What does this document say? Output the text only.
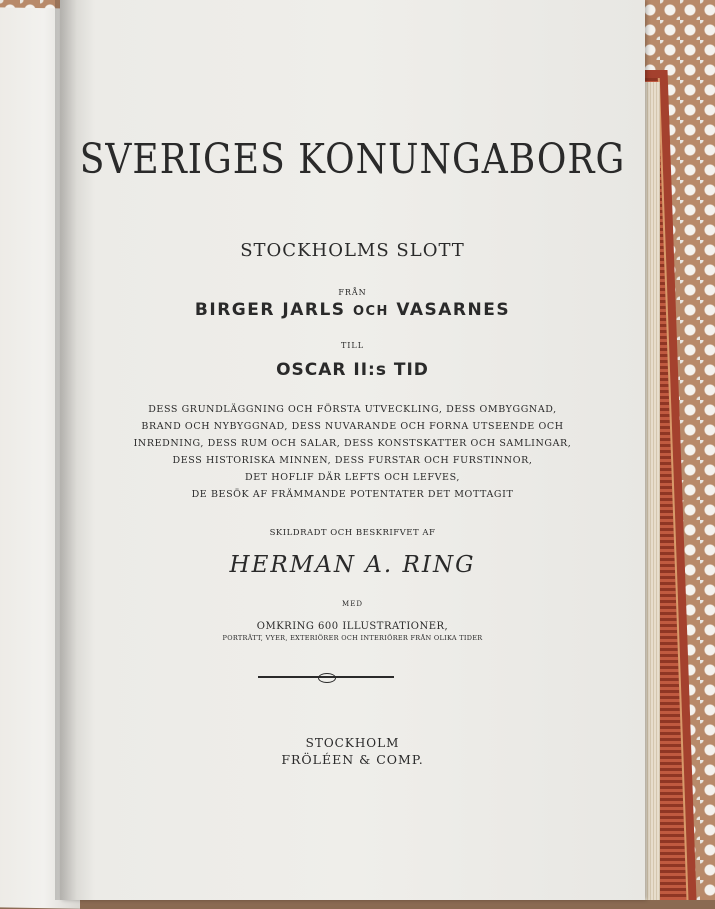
SVERIGES KONUNGABORG
STOCKHOLMS SLOTT
FRÅN
BIRGER JARLS OCH VASARNES
TILL
OSCAR II:s TID
DESS GRUNDLÄGGNING OCH FÖRSTA UTVECKLING, DESS OMBYGGNAD,
BRAND OCH NYBYGGNAD, DESS NUVARANDE OCH FORNA UTSEENDE OCH
INREDNING, DESS RUM OCH SALAR, DESS KONSTSKATTER OCH SAMLINGAR,
DESS HISTORISKA MINNEN, DESS FURSTAR OCH FURSTINNOR,
DET HOFLIF DÄR LEFTS OCH LEFVES,
DE BESÖK AF FRÄMMANDE POTENTATER DET MOTTAGIT
SKILDRADT OCH BESKRIFVET AF
HERMAN A. RING
MED
OMKRING 600 ILLUSTRATIONER,
PORTRÄTT, VYER, EXTERIÖRER OCH INTERIÖRER FRÅN OLIKA TIDER
STOCKHOLM
FRÖLÉEN & COMP.
